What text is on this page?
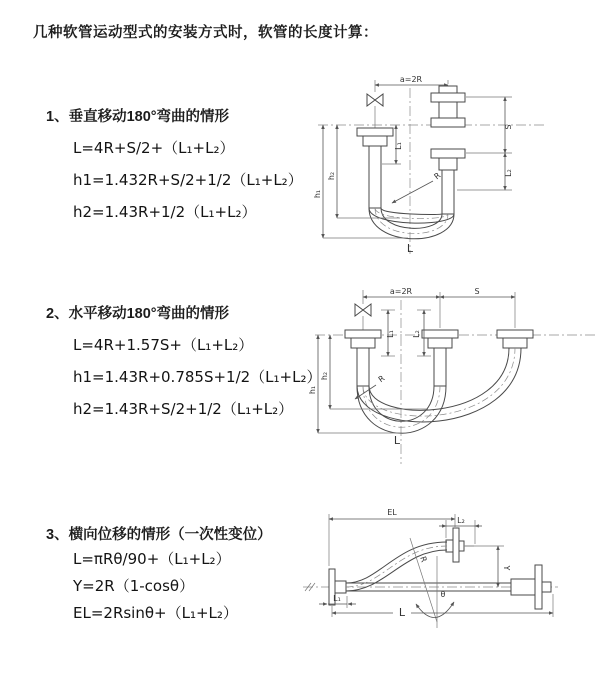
几种软管运动型式的安装方式时，软管的长度计算：
1、垂直移动180°弯曲的情形
L=4R+S/2+（L₁+L₂）
h1=1.432R+S/2+1/2（L₁+L₂）
h2=1.43R+1/2（L₁+L₂）
2、水平移动180°弯曲的情形
L=4R+1.57S+（L₁+L₂）
h1=1.43R+0.785S+1/2（L₁+L₂）
h2=1.43R+S/2+1/2（L₁+L₂）
3、横向位移的情形（一次性变位）
L=πRθ/90+（L₁+L₂）
Y=2R（1-cosθ）
EL=2Rsinθ+（L₁+L₂）
a=2R
h₁
h₂
L₁
S
L₂
R
L
a=2R	S
L₁ L₂
h₁
h₂	R
L
EL
L₂
Y
θ
R
L
L₁
